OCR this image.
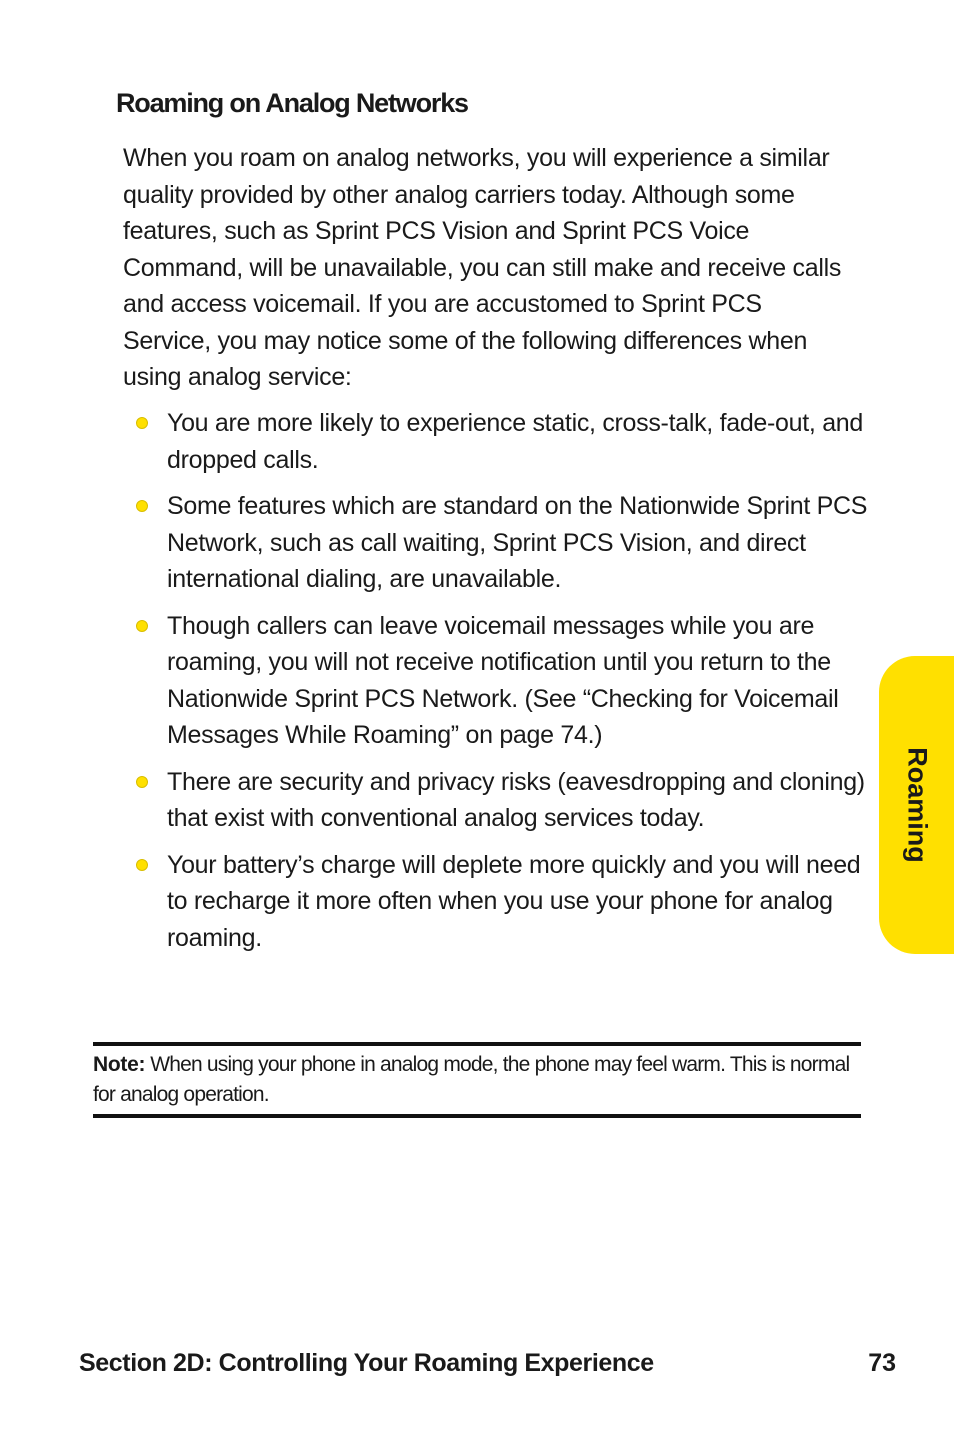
Roaming on Analog Networks

When you roam on analog networks, you will experience a similar quality provided by other analog carriers today. Although some features, such as Sprint PCS Vision and Sprint PCS Voice Command, will be unavailable, you can still make and receive calls and access voicemail. If you are accustomed to Sprint PCS Service, you may notice some of the following differences when using analog service:

You are more likely to experience static, cross-talk, fade-out, and dropped calls.
Some features which are standard on the Nationwide Sprint PCS Network, such as call waiting, Sprint PCS Vision, and direct international dialing, are unavailable.
Though callers can leave voicemail messages while you are roaming, you will not receive notification until you return to the Nationwide Sprint PCS Network. (See “Checking for Voicemail Messages While Roaming” on page 74.)
There are security and privacy risks (eavesdropping and cloning) that exist with conventional analog services today.
Your battery’s charge will deplete more quickly and you will need to recharge it more often when you use your phone for analog roaming.

Note: When using your phone in analog mode, the phone may feel warm. This is normal for analog operation.

Roaming
Section 2D: Controlling Your Roaming Experience	73
